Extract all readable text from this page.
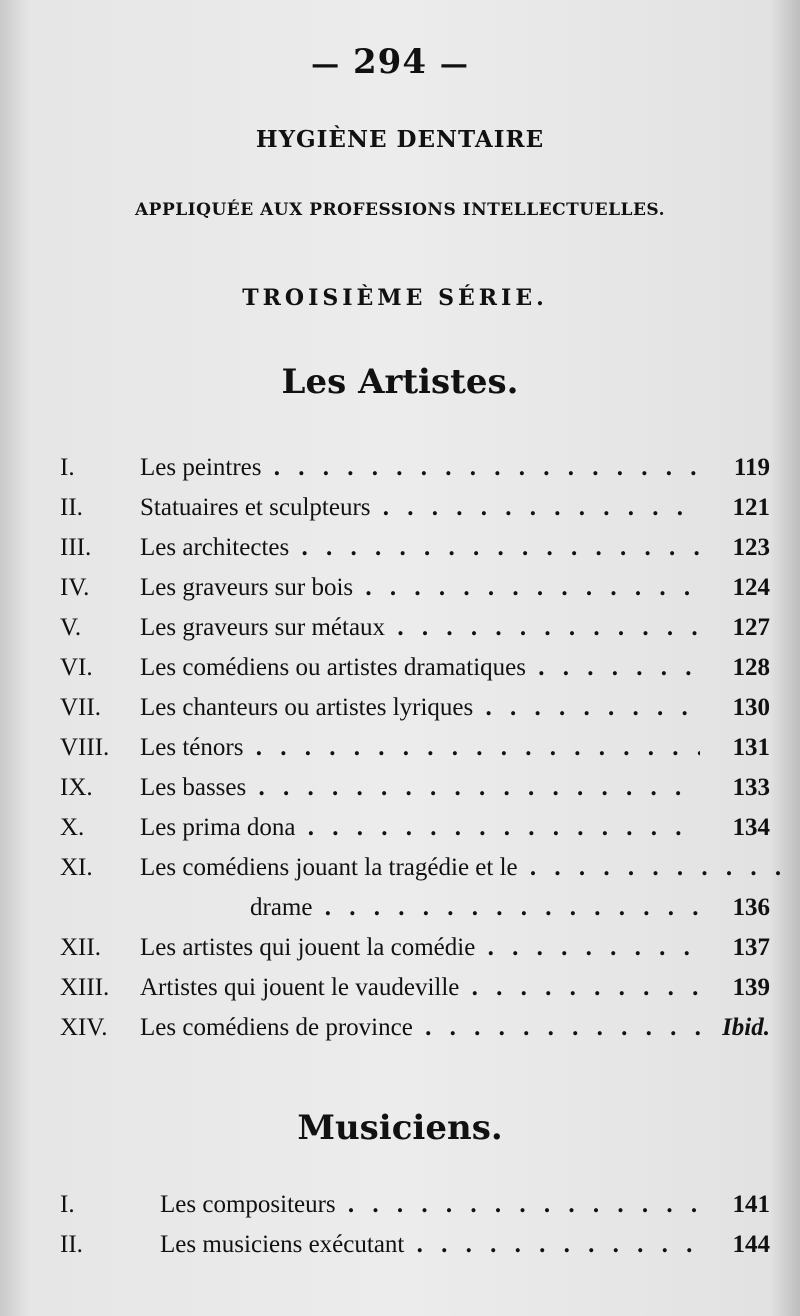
— 294 —
HYGIÈNE DENTAIRE
APPLIQUÉE AUX PROFESSIONS INTELLECTUELLES.
TROISIÈME SÉRIE.
Les Artistes.
I.	Les peintres . . .	119
II.	Statuaires et sculpteurs . . .	121
III.	Les architectes . . .	123
IV.	Les graveurs sur bois . . .	124
V.	Les graveurs sur métaux . . .	127
VI.	Les comédiens ou artistes dramatiques . . .	128
VII.	Les chanteurs ou artistes lyriques . . .	130
VIII.	Les ténors . . .	131
IX.	Les basses . . .	133
X.	Les prima dona . . .	134
XI.	Les comédiens jouant la tragédie et le . . .
drame . . .	136
XII.	Les artistes qui jouent la comédie . . .	137
XIII.	Artistes qui jouent le vaudeville . . .	139
XIV.	Les comédiens de province . . .	Ibid.
Musiciens.
I.	Les compositeurs . . .	141
II.	Les musiciens exécutant . . .	144
